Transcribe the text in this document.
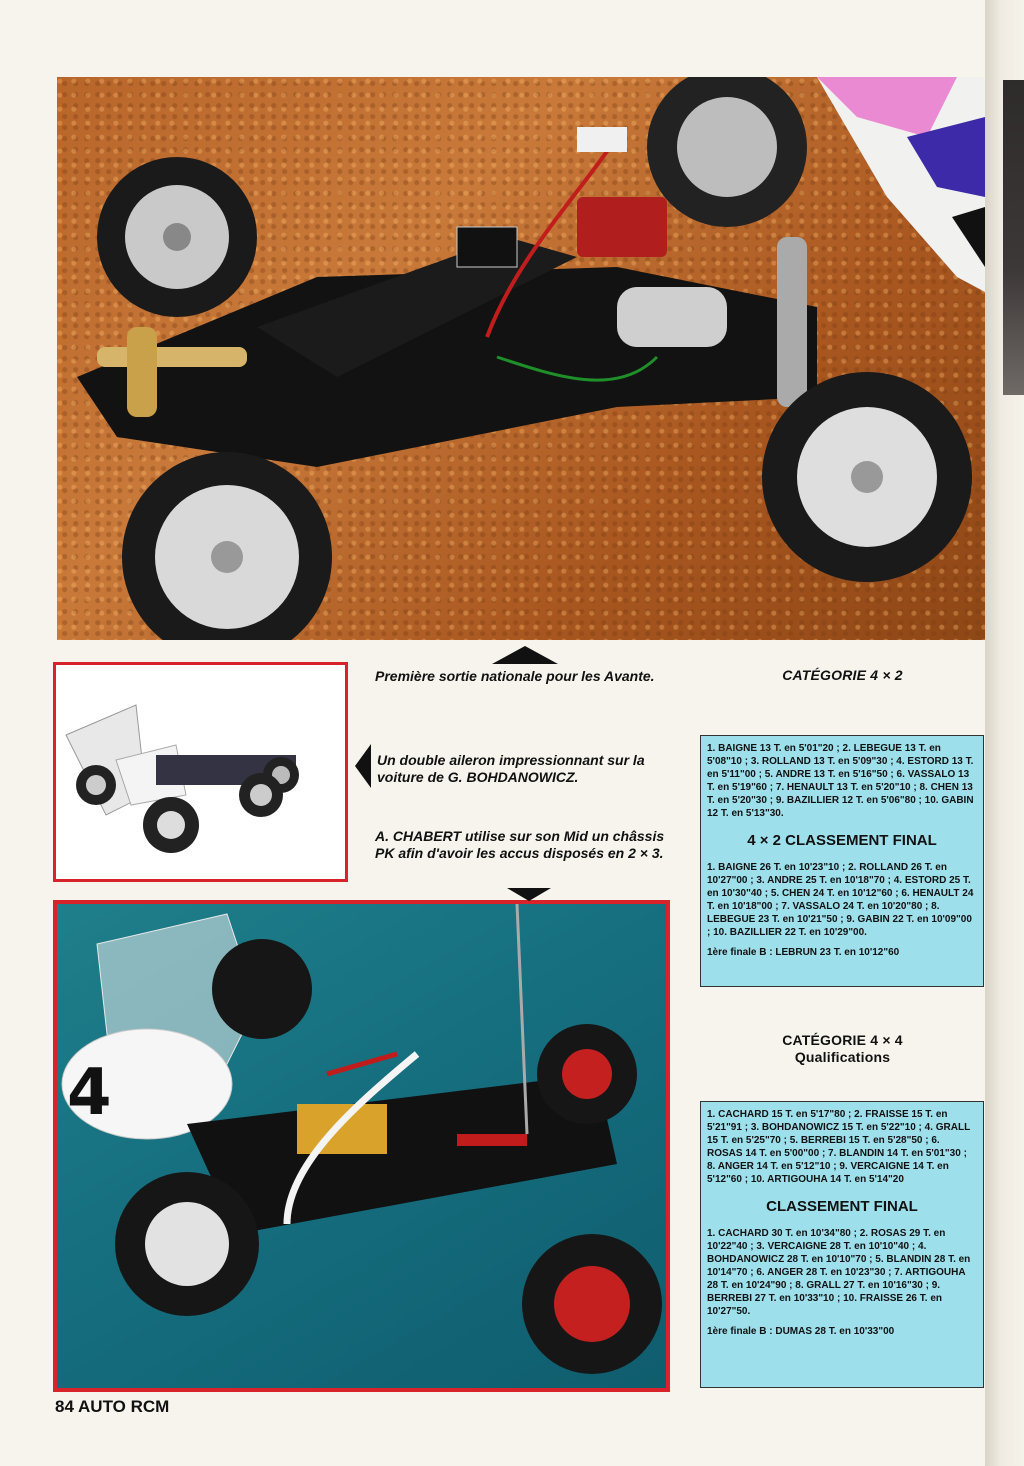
4
Première sortie nationale pour les Avante.
Un double aileron impressionnant sur la voiture de G. BOHDANOWICZ.
A. CHABERT utilise sur son Mid un châssis PK afin d'avoir les accus disposés en 2 × 3.
CATÉGORIE 4 × 2
1. BAIGNE 13 T. en 5'01"20 ; 2. LEBEGUE 13 T. en 5'08"10 ; 3. ROLLAND 13 T. en 5'09"30 ; 4. ESTORD 13 T. en 5'11"00 ; 5. ANDRE 13 T. en 5'16"50 ; 6. VASSALO 13 T. en 5'19"60 ; 7. HENAULT 13 T. en 5'20"10 ; 8. CHEN 13 T. en 5'20"30 ; 9. BAZILLIER 12 T. en 5'06"80 ; 10. GABIN 12 T. en 5'13"30.
4 × 2 CLASSEMENT FINAL
1. BAIGNE 26 T. en 10'23"10 ; 2. ROLLAND 26 T. en 10'27"00 ; 3. ANDRE 25 T. en 10'18"70 ; 4. ESTORD 25 T. en 10'30"40 ; 5. CHEN 24 T. en 10'12"60 ; 6. HENAULT 24 T. en 10'18"00 ; 7. VASSALO 24 T. en 10'20"80 ; 8. LEBEGUE 23 T. en 10'21"50 ; 9. GABIN 22 T. en 10'09"00 ; 10. BAZILLIER 22 T. en 10'29"00.
1ère finale B : LEBRUN 23 T. en 10'12"60
CATÉGORIE 4 × 4
Qualifications
1. CACHARD 15 T. en 5'17"80 ; 2. FRAISSE 15 T. en 5'21"91 ; 3. BOHDANOWICZ 15 T. en 5'22"10 ; 4. GRALL 15 T. en 5'25"70 ; 5. BERREBI 15 T. en 5'28"50 ; 6. ROSAS 14 T. en 5'00"00 ; 7. BLANDIN 14 T. en 5'01"30 ; 8. ANGER 14 T. en 5'12"10 ; 9. VERCAIGNE 14 T. en 5'12"60 ; 10. ARTIGOUHA 14 T. en 5'14"20
CLASSEMENT FINAL
1. CACHARD 30 T. en 10'34"80 ; 2. ROSAS 29 T. en 10'22"40 ; 3. VERCAIGNE 28 T. en 10'10"40 ; 4. BOHDANOWICZ 28 T. en 10'10"70 ; 5. BLANDIN 28 T. en 10'14"70 ; 6. ANGER 28 T. en 10'23"30 ; 7. ARTIGOUHA 28 T. en 10'24"90 ; 8. GRALL 27 T. en 10'16"30 ; 9. BERREBI 27 T. en 10'33"10 ; 10. FRAISSE 26 T. en 10'27"50.
1ère finale B : DUMAS 28 T. en 10'33"00
84 AUTO RCM
